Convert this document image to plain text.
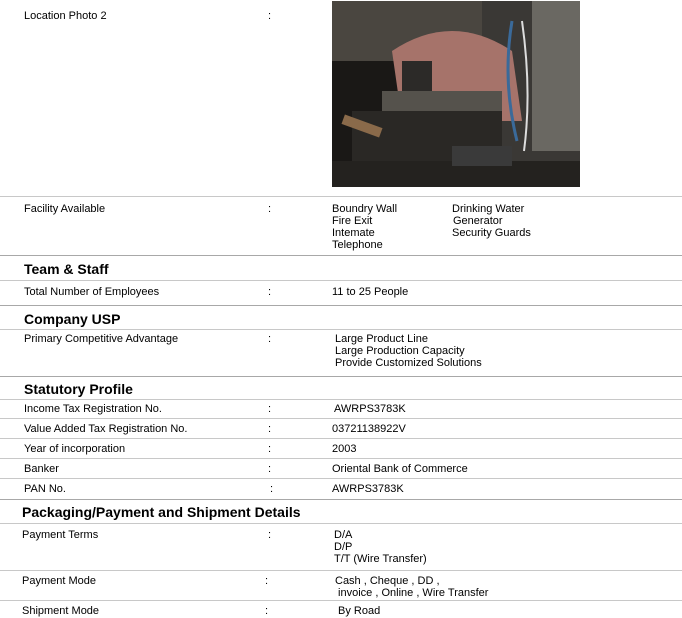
Location Photo 2	:
Facility Available	:	Boundry Wall
Fire Exit
Intemate
Telephone
Drinking Water
Generator
Security Guards
Team & Staff
Total Number of Employees	:	11 to 25 People
Company USP
Primary Competitive Advantage	:	Large Product Line
Large Production Capacity
Provide Customized Solutions
Statutory Profile
Income Tax Registration No.	:	AWRPS3783K
Value Added Tax Registration No.	:	03721138922V
Year of incorporation	:	2003
Banker	:	Oriental Bank of Commerce
PAN No.	:	AWRPS3783K
Packaging/Payment and Shipment Details
Payment Terms	:	D/A
D/P
T/T (Wire Transfer)
Payment Mode	:	Cash , Cheque , DD ,
invoice , Online , Wire Transfer
Shipment Mode	:	By Road
